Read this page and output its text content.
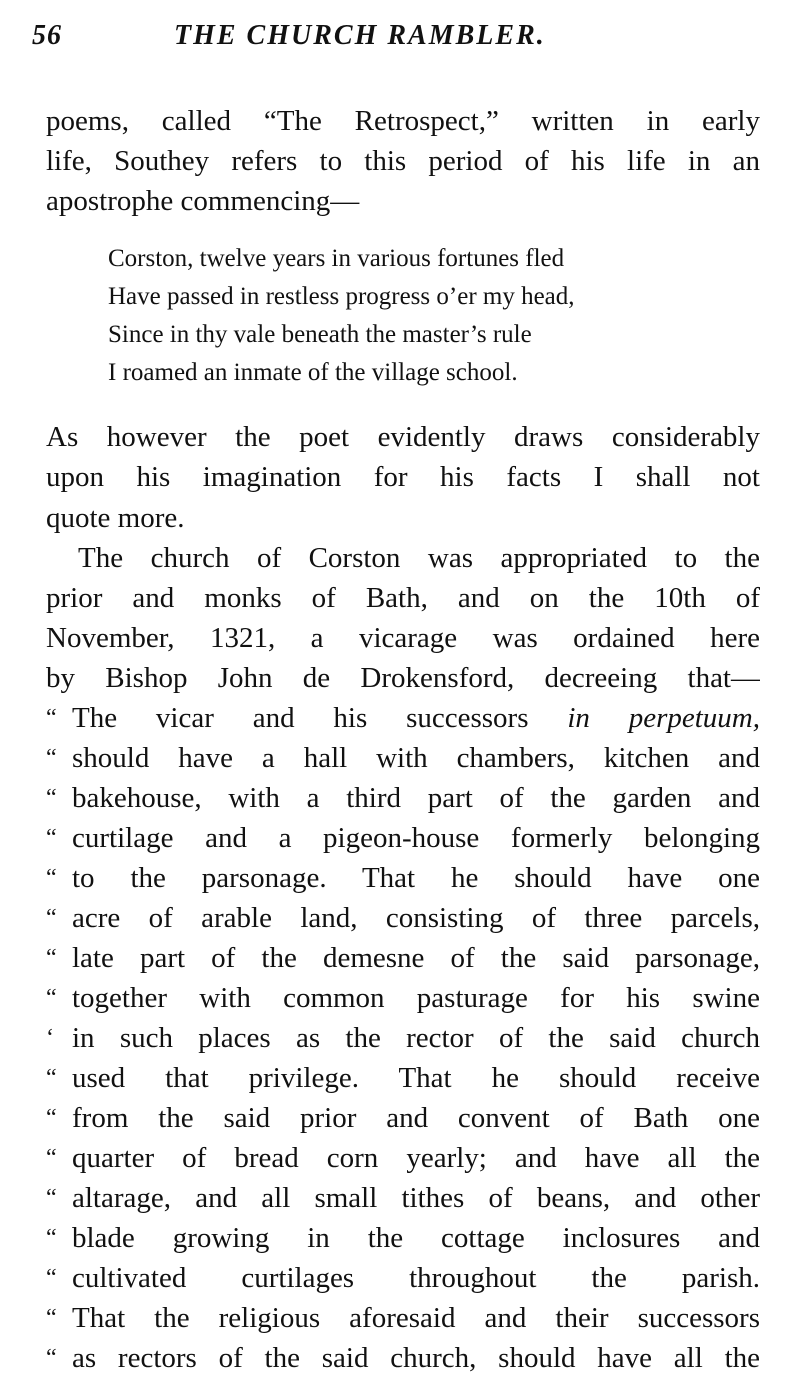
56	THE CHURCH RAMBLER.
poems, called “The Retrospect,” written in early
life, Southey refers to this period of his life in an
apostrophe commencing—
Corston, twelve years in various fortunes fled
Have passed in restless progress o’er my head,
Since in thy vale beneath the master’s rule
I roamed an inmate of the village school.
As however the poet evidently draws considerably
upon his imagination for his facts I shall not
quote more.
The church of Corston was appropriated to the
prior and monks of Bath, and on the 10th of
November, 1321, a vicarage was ordained here
by Bishop John de Drokensford, decreeing that—
“ The vicar and his successors in perpetuum,
“ should have a hall with chambers, kitchen and
“ bakehouse, with a third part of the garden and
“ curtilage and a pigeon-house formerly belonging
“ to the parsonage. That he should have one
“ acre of arable land, consisting of three parcels,
“ late part of the demesne of the said parsonage,
“ together with common pasturage for his swine
‘ in such places as the rector of the said church
“ used that privilege. That he should receive
“ from the said prior and convent of Bath one
“ quarter of bread corn yearly; and have all the
“ altarage, and all small tithes of beans, and other
“ blade growing in the cottage inclosures and
“ cultivated curtilages throughout the parish.
“ That the religious aforesaid and their successors
“ as rectors of the said church, should have all the
